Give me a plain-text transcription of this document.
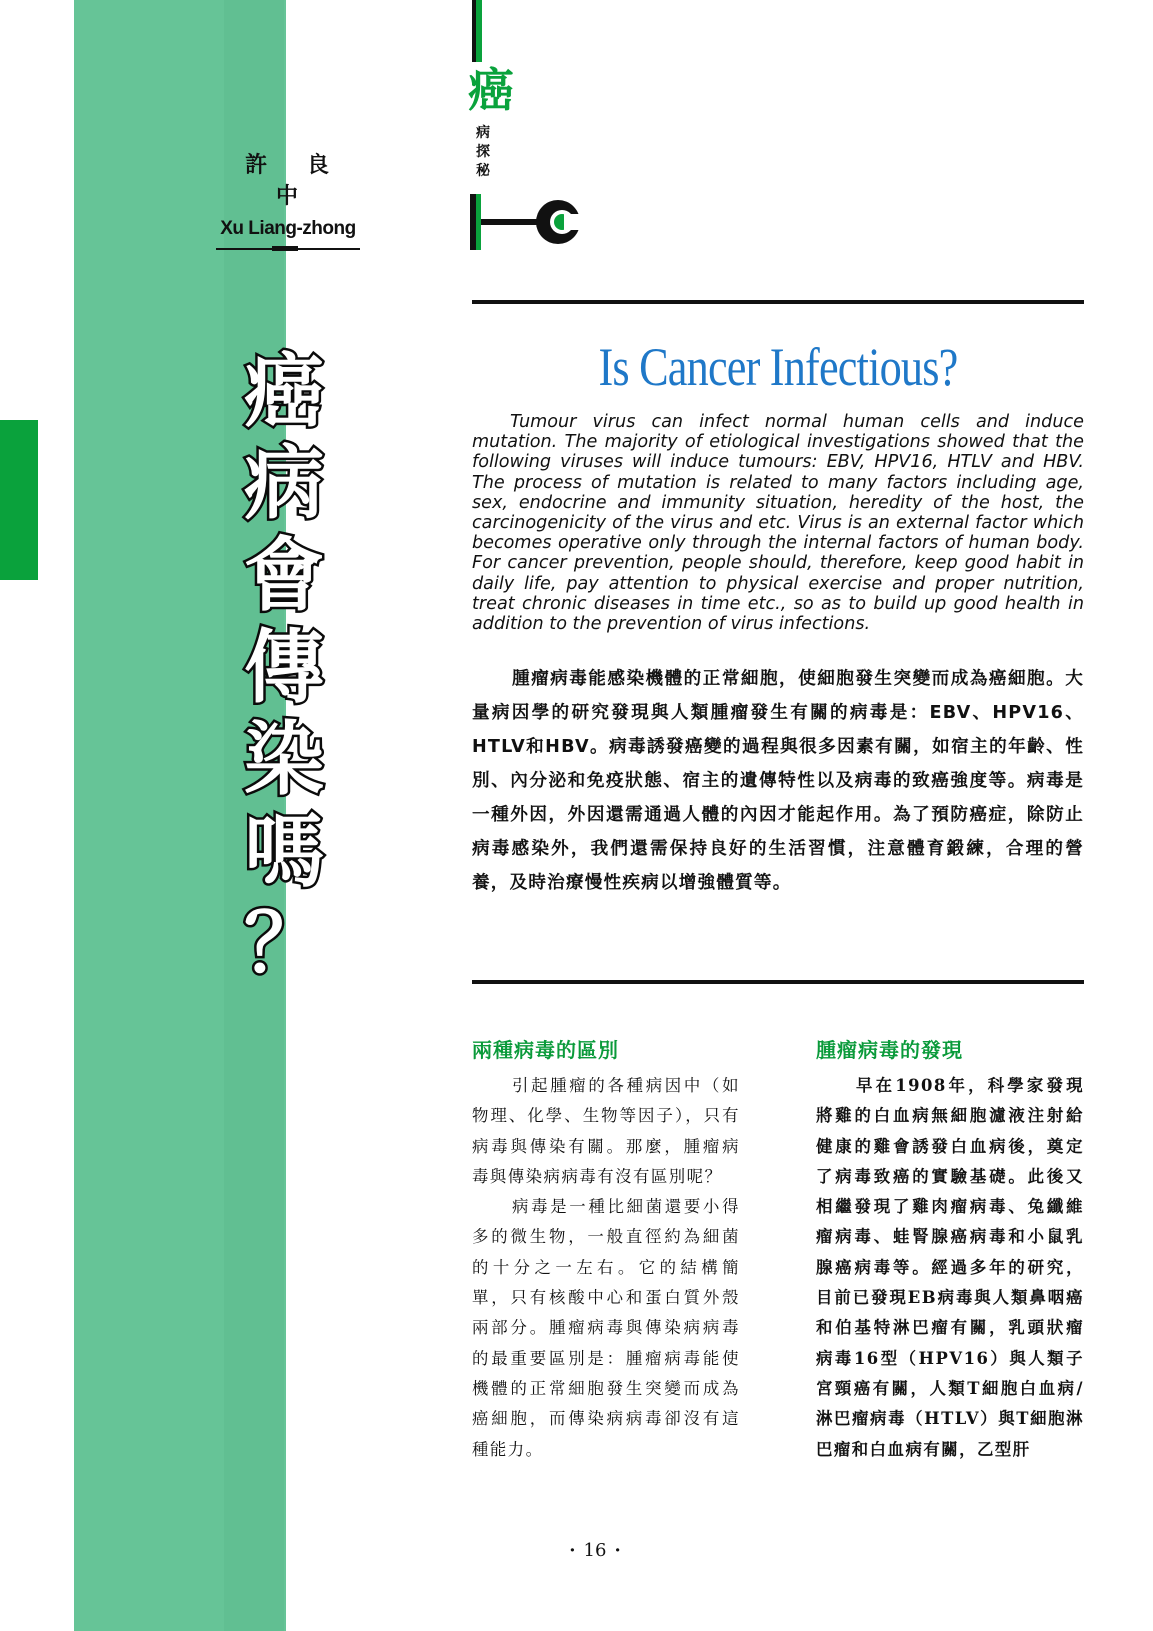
許 良 中
Xu Liang-zhong
癌
病
會
傳
染
嗎
？
癌
病
探
秘
Is Cancer Infectious?

Tumour virus can infect normal human cells and induce mutation. The majority of etiological investigations showed that the following viruses will induce tumours: EBV, HPV16, HTLV and HBV. The process of mutation is related to many factors including age, sex, endocrine and immunity situation, heredity of the host, the carcinogenicity of the virus and etc. Virus is an external factor which becomes operative only through the internal factors of human body. For cancer prevention, people should, therefore, keep good habit in daily life, pay attention to physical exercise and proper nutrition, treat chronic diseases in time etc., so as to build up good health in addition to the prevention of virus infections.

腫瘤病毒能感染機體的正常細胞，使細胞發生突變而成為癌細胞。大量病因學的研究發現與人類腫瘤發生有關的病毒是：EBV、HPV16、HTLV和HBV。病毒誘發癌變的過程與很多因素有關，如宿主的年齡、性別、內分泌和免疫狀態、宿主的遺傳特性以及病毒的致癌強度等。病毒是一種外因，外因還需通過人體的內因才能起作用。為了預防癌症，除防止病毒感染外，我們還需保持良好的生活習慣，注意體育鍛練，合理的營養，及時治療慢性疾病以增強體質等。

兩種病毒的區別

引起腫瘤的各種病因中（如物理、化學、生物等因子），只有病毒與傳染有關。那麼，腫瘤病毒與傳染病病毒有沒有區別呢？

病毒是一種比細菌還要小得多的微生物，一般直徑約為細菌的十分之一左右。它的結構簡單，只有核酸中心和蛋白質外殼兩部分。腫瘤病毒與傳染病病毒的最重要區別是：腫瘤病毒能使機體的正常細胞發生突變而成為癌細胞，而傳染病病毒卻沒有這種能力。

腫瘤病毒的發現

早在1908年，科學家發現將雞的白血病無細胞濾液注射給健康的雞會誘發白血病後，奠定了病毒致癌的實驗基礎。此後又相繼發現了雞肉瘤病毒、兔纖維瘤病毒、蛙腎腺癌病毒和小鼠乳腺癌病毒等。經過多年的研究，目前已發現EB病毒與人類鼻咽癌和伯基特淋巴瘤有關，乳頭狀瘤病毒16型（HPV16）與人類子宮頸癌有關，人類T細胞白血病/淋巴瘤病毒（HTLV）與T細胞淋巴瘤和白血病有關，乙型肝

· 16 ·
